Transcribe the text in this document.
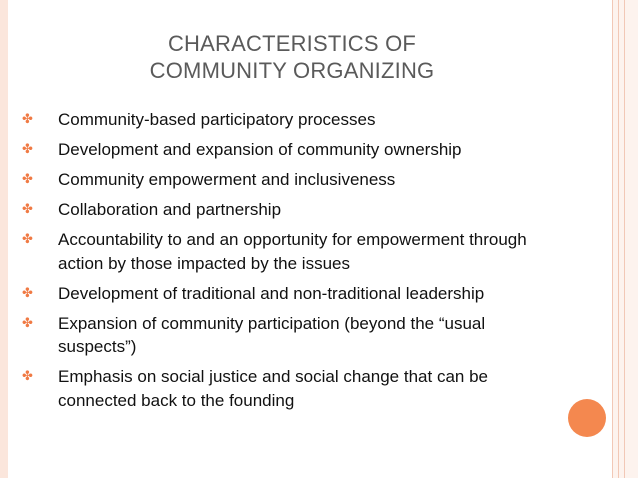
CHARACTERISTICS OF
COMMUNITY ORGANIZING
✤ Community-based participatory processes
✤ Development and expansion of community ownership
✤ Community empowerment and inclusiveness
✤ Collaboration and partnership
✤ Accountability to and an opportunity for empowerment through action by those impacted by the issues
✤ Development of traditional and non-traditional leadership
✤ Expansion of community participation (beyond the “usual suspects”)
✤ Emphasis on social justice and social change that can be connected back to the founding
